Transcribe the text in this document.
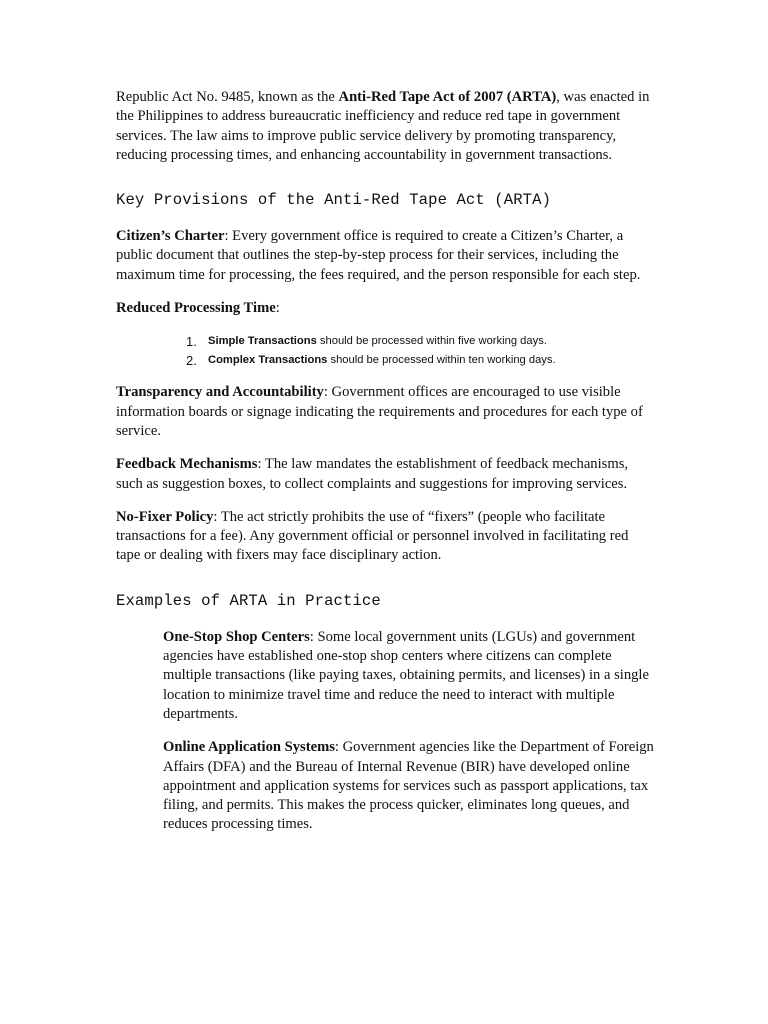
Republic Act No. 9485, known as the Anti-Red Tape Act of 2007 (ARTA), was enacted in the Philippines to address bureaucratic inefficiency and reduce red tape in government services. The law aims to improve public service delivery by promoting transparency, reducing processing times, and enhancing accountability in government transactions.

Key Provisions of the Anti-Red Tape Act (ARTA)

Citizen’s Charter: Every government office is required to create a Citizen’s Charter, a public document that outlines the step-by-step process for their services, including the maximum time for processing, the fees required, and the person responsible for each step.

Reduced Processing Time:

1. Simple Transactions should be processed within five working days.
2. Complex Transactions should be processed within ten working days.

Transparency and Accountability: Government offices are encouraged to use visible information boards or signage indicating the requirements and procedures for each type of service.

Feedback Mechanisms: The law mandates the establishment of feedback mechanisms, such as suggestion boxes, to collect complaints and suggestions for improving services.

No-Fixer Policy: The act strictly prohibits the use of “fixers” (people who facilitate transactions for a fee). Any government official or personnel involved in facilitating red tape or dealing with fixers may face disciplinary action.

Examples of ARTA in Practice

One-Stop Shop Centers: Some local government units (LGUs) and government agencies have established one-stop shop centers where citizens can complete multiple transactions (like paying taxes, obtaining permits, and licenses) in a single location to minimize travel time and reduce the need to interact with multiple departments.

Online Application Systems: Government agencies like the Department of Foreign Affairs (DFA) and the Bureau of Internal Revenue (BIR) have developed online appointment and application systems for services such as passport applications, tax filing, and permits. This makes the process quicker, eliminates long queues, and reduces processing times.
